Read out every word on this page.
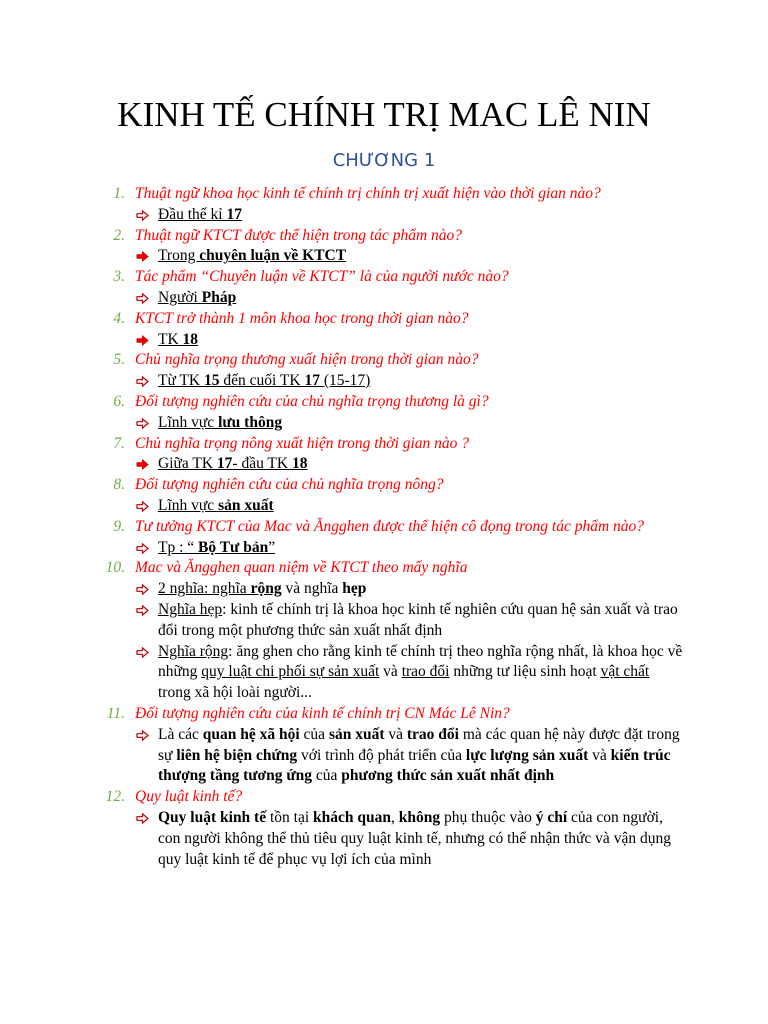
KINH TẾ CHÍNH TRỊ MAC LÊ NIN
CHƯƠNG 1
1. Thuật ngữ khoa học kinh tế chính trị chính trị xuất hiện vào thời gian nào?
Đầu thế kỉ 17
2. Thuật ngữ KTCT được thể hiện trong tác phẩm nào?
Trong chuyên luận về KTCT
3. Tác phẩm “Chuyên luận về KTCT” là của người nước nào?
Người Pháp
4. KTCT trở thành 1 môn khoa học trong thời gian nào?
TK 18
5. Chủ nghĩa trọng thương xuất hiện trong thời gian nào?
Từ TK 15 đến cuối TK 17 (15-17)
6. Đối tượng nghiên cứu của chủ nghĩa trọng thương là gì?
Lĩnh vực lưu thông
7. Chủ nghĩa trọng nông xuất hiện trong thời gian nào ?
Giữa TK 17- đầu TK 18
8. Đối tượng nghiên cứu của chủ nghĩa trọng nông?
Lĩnh vực sản xuất
9. Tư tưởng KTCT của Mac và Ăngghen được thể hiện cô đọng trong tác phẩm nào?
Tp : “ Bộ Tư bản”
10. Mac và Ăngghen quan niệm về KTCT theo mấy nghĩa
2 nghĩa: nghĩa rộng và nghĩa hẹp
Nghĩa hẹp: kinh tế chính trị là khoa học kinh tế nghiên cứu quan hệ sản xuất và trao đổi trong một phương thức sản xuất nhất định
Nghĩa rộng: ăng ghen cho rằng kinh tế chính trị theo nghĩa rộng nhất, là khoa học về những quy luật chi phối sự sản xuất và trao đổi những tư liệu sinh hoạt vật chất trong xã hội loài người...
11. Đối tượng nghiên cứu của kinh tế chính trị CN Mác Lê Nin?
Là các quan hệ xã hội của sản xuất và trao đổi mà các quan hệ này được đặt trong sự liên hệ biện chứng với trình độ phát triển của lực lượng sản xuất và kiến trúc thượng tầng tương ứng của phương thức sản xuất nhất định
12. Quy luật kinh tế?
Quy luật kinh tế tồn tại khách quan, không phụ thuộc vào ý chí của con người, con người không thể thủ tiêu quy luật kinh tế, nhưng có thể nhận thức và vận dụng quy luật kinh tế để phục vụ lợi ích của mình
